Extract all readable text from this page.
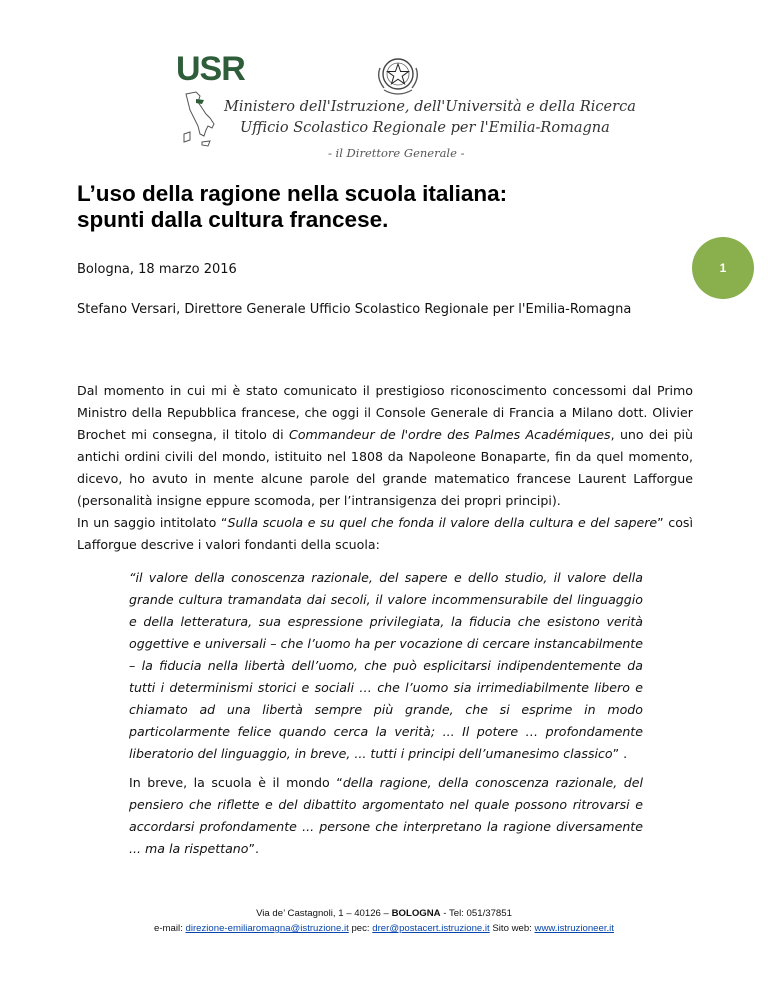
USR
Ministero dell'Istruzione, dell'Università e della Ricerca
Ufficio Scolastico Regionale per l'Emilia-Romagna
- il Direttore Generale -
L’uso della ragione nella scuola italiana:
spunti dalla cultura francese.
1
Bologna, 18 marzo 2016
Stefano Versari, Direttore Generale Ufficio Scolastico Regionale per l'Emilia-Romagna

Dal momento in cui mi è stato comunicato il prestigioso riconoscimento concessomi dal Primo Ministro della Repubblica francese, che oggi il Console Generale di Francia a Milano dott. Olivier Brochet mi consegna, il titolo di Commandeur de l'ordre des Palmes Académiques, uno dei più antichi ordini civili del mondo, istituito nel 1808 da Napoleone Bonaparte, fin da quel momento, dicevo, ho avuto in mente alcune parole del grande matematico francese Laurent Lafforgue (personalità insigne eppure scomoda, per l’intransigenza dei propri principi).

In un saggio intitolato “Sulla scuola e su quel che fonda il valore della cultura e del sapere” così Lafforgue descrive i valori fondanti della scuola:

“il valore della conoscenza razionale, del sapere e dello studio, il valore della grande cultura tramandata dai secoli, il valore incommensurabile del linguaggio e della letteratura, sua espressione privilegiata, la fiducia che esistono verità oggettive e universali – che l’uomo ha per vocazione di cercare instancabilmente – la fiducia nella libertà dell’uomo, che può esplicitarsi indipendentemente da tutti i determinismi storici e sociali … che l’uomo sia irrimediabilmente libero e chiamato ad una libertà sempre più grande, che si esprime in modo particolarmente felice quando cerca la verità; ... Il potere … profondamente liberatorio del linguaggio, in breve, ... tutti i principi dell’umanesimo classico” .

In breve, la scuola è il mondo “della ragione, della conoscenza razionale, del pensiero che riflette e del dibattito argomentato nel quale possono ritrovarsi e accordarsi profondamente ... persone che interpretano la ragione diversamente ... ma la rispettano”.

Via de’ Castagnoli, 1 – 40126 – BOLOGNA - Tel: 051/37851
e-mail: direzione-emiliaromagna@istruzione.it pec: drer@postacert.istruzione.it Sito web: www.istruzioneer.it
